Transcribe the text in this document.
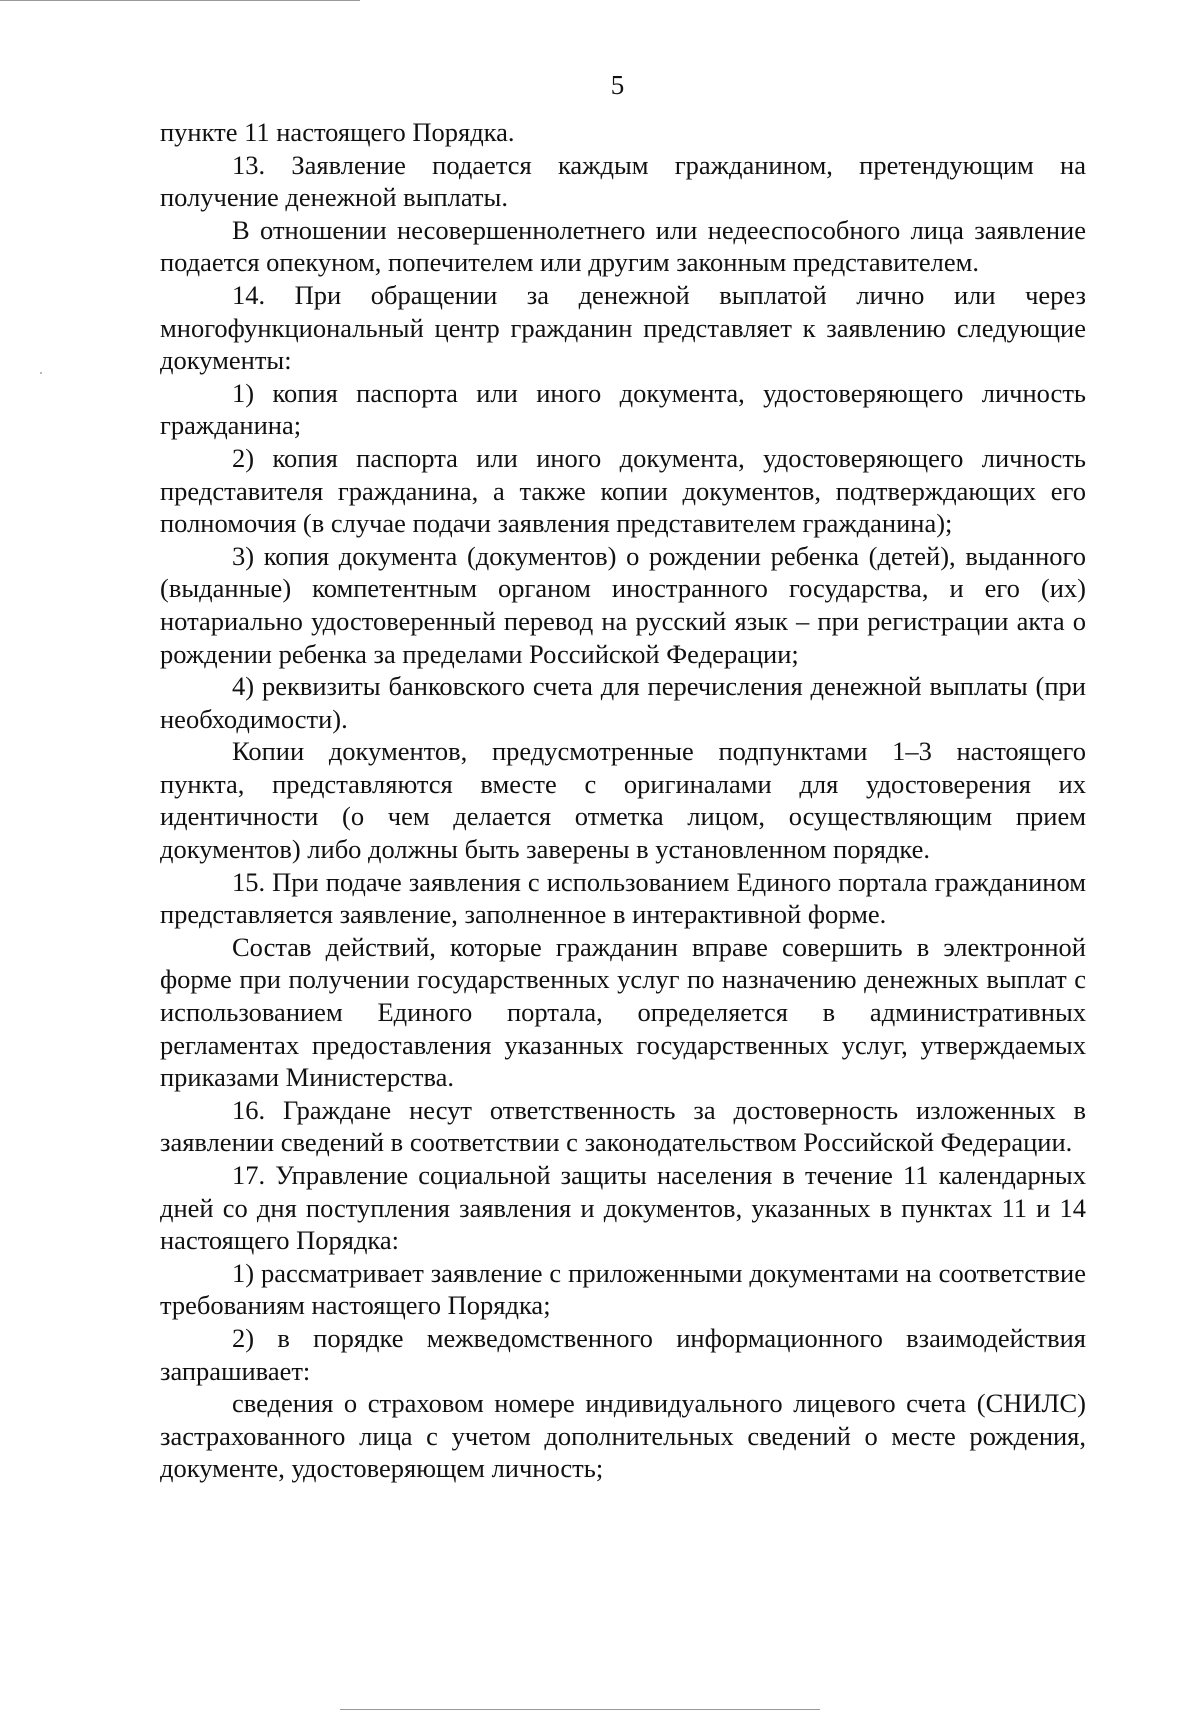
5

пункте 11 настоящего Порядка.

13. Заявление подается каждым гражданином, претендующим на получение денежной выплаты.

В отношении несовершеннолетнего или недееспособного лица заявление подается опекуном, попечителем или другим законным представителем.

14. При обращении за денежной выплатой лично или через многофункциональный центр гражданин представляет к заявлению следующие документы:

1) копия паспорта или иного документа, удостоверяющего личность гражданина;

2) копия паспорта или иного документа, удостоверяющего личность представителя гражданина, а также копии документов, подтверждающих его полномочия (в случае подачи заявления представителем гражданина);

3) копия документа (документов) о рождении ребенка (детей), выданного (выданные) компетентным органом иностранного государства, и его (их) нотариально удостоверенный перевод на русский язык – при регистрации акта о рождении ребенка за пределами Российской Федерации;

4) реквизиты банковского счета для перечисления денежной выплаты (при необходимости).

Копии документов, предусмотренные подпунктами 1–3 настоящего пункта, представляются вместе с оригиналами для удостоверения их идентичности (о чем делается отметка лицом, осуществляющим прием документов) либо должны быть заверены в установленном порядке.

15. При подаче заявления с использованием Единого портала гражданином представляется заявление, заполненное в интерактивной форме.

Состав действий, которые гражданин вправе совершить в электронной форме при получении государственных услуг по назначению денежных выплат с использованием Единого портала, определяется в административных регламентах предоставления указанных государственных услуг, утверждаемых приказами Министерства.

16. Граждане несут ответственность за достоверность изложенных в заявлении сведений в соответствии с законодательством Российской Федерации.

17. Управление социальной защиты населения в течение 11 календарных дней со дня поступления заявления и документов, указанных в пунктах 11 и 14 настоящего Порядка:

1) рассматривает заявление с приложенными документами на соответствие требованиям настоящего Порядка;

2) в порядке межведомственного информационного взаимодействия запрашивает:

сведения о страховом номере индивидуального лицевого счета (СНИЛС) застрахованного лица с учетом дополнительных сведений о месте рождения, документе, удостоверяющем личность;
